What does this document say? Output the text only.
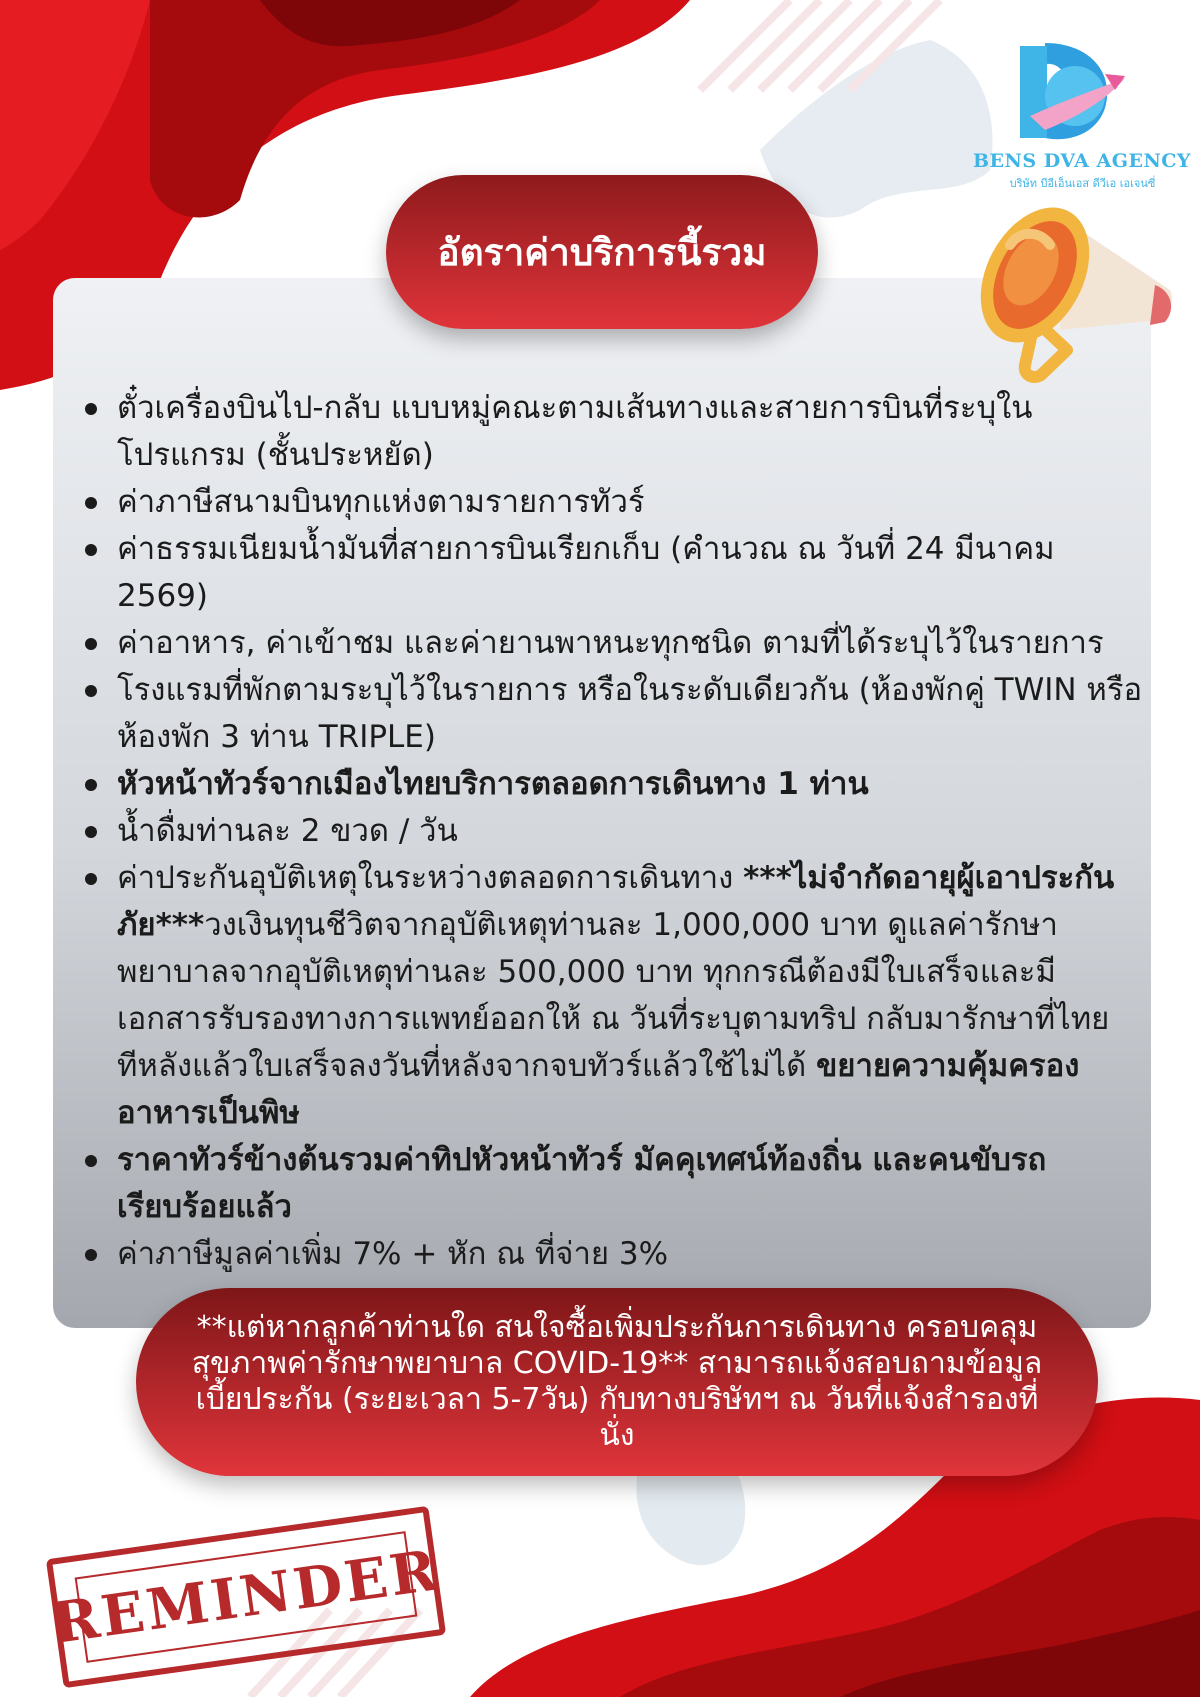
BENS DVA AGENCY
บริษัท บีอีเอ็นเอส ดีวีเอ เอเจนซี่
อัตราค่าบริการนี้รวม
ตั๋วเครื่องบินไป-กลับ แบบหมู่คณะตามเส้นทางและสายการบินที่ระบุในโปรแกรม (ชั้นประหยัด)
ค่าภาษีสนามบินทุกแห่งตามรายการทัวร์
ค่าธรรมเนียมน้ำมันที่สายการบินเรียกเก็บ (คำนวณ ณ วันที่ 24 มีนาคม 2569)
ค่าอาหาร, ค่าเข้าชม และค่ายานพาหนะทุกชนิด ตามที่ได้ระบุไว้ในรายการ
โรงแรมที่พักตามระบุไว้ในรายการ หรือในระดับเดียวกัน (ห้องพักคู่ TWIN หรือห้องพัก 3 ท่าน TRIPLE)
หัวหน้าทัวร์จากเมืองไทยบริการตลอดการเดินทาง 1 ท่าน
น้ำดื่มท่านละ 2 ขวด / วัน
ค่าประกันอุบัติเหตุในระหว่างตลอดการเดินทาง ***ไม่จำกัดอายุผู้เอาประกันภัย***วงเงินทุนชีวิตจากอุบัติเหตุท่านละ 1,000,000 บาท ดูแลค่ารักษาพยาบาลจากอุบัติเหตุท่านละ 500,000 บาท ทุกกรณีต้องมีใบเสร็จและมีเอกสารรับรองทางการแพทย์ออกให้ ณ วันที่ระบุตามทริป กลับมารักษาที่ไทยทีหลังแล้วใบเสร็จลงวันที่หลังจากจบทัวร์แล้วใช้ไม่ได้ ขยายความคุ้มครองอาหารเป็นพิษ
ราคาทัวร์ข้างต้นรวมค่าทิปหัวหน้าทัวร์ มัคคุเทศน์ท้องถิ่น และคนขับรถเรียบร้อยแล้ว
ค่าภาษีมูลค่าเพิ่ม 7% + หัก ณ ที่จ่าย 3%
**แต่หากลูกค้าท่านใด สนใจซื้อเพิ่มประกันการเดินทาง ครอบคลุมสุขภาพค่ารักษาพยาบาล COVID-19** สามารถแจ้งสอบถามข้อมูลเบี้ยประกัน (ระยะเวลา 5-7วัน) กับทางบริษัทฯ ณ วันที่แจ้งสำรองที่นั่ง
REMINDER
